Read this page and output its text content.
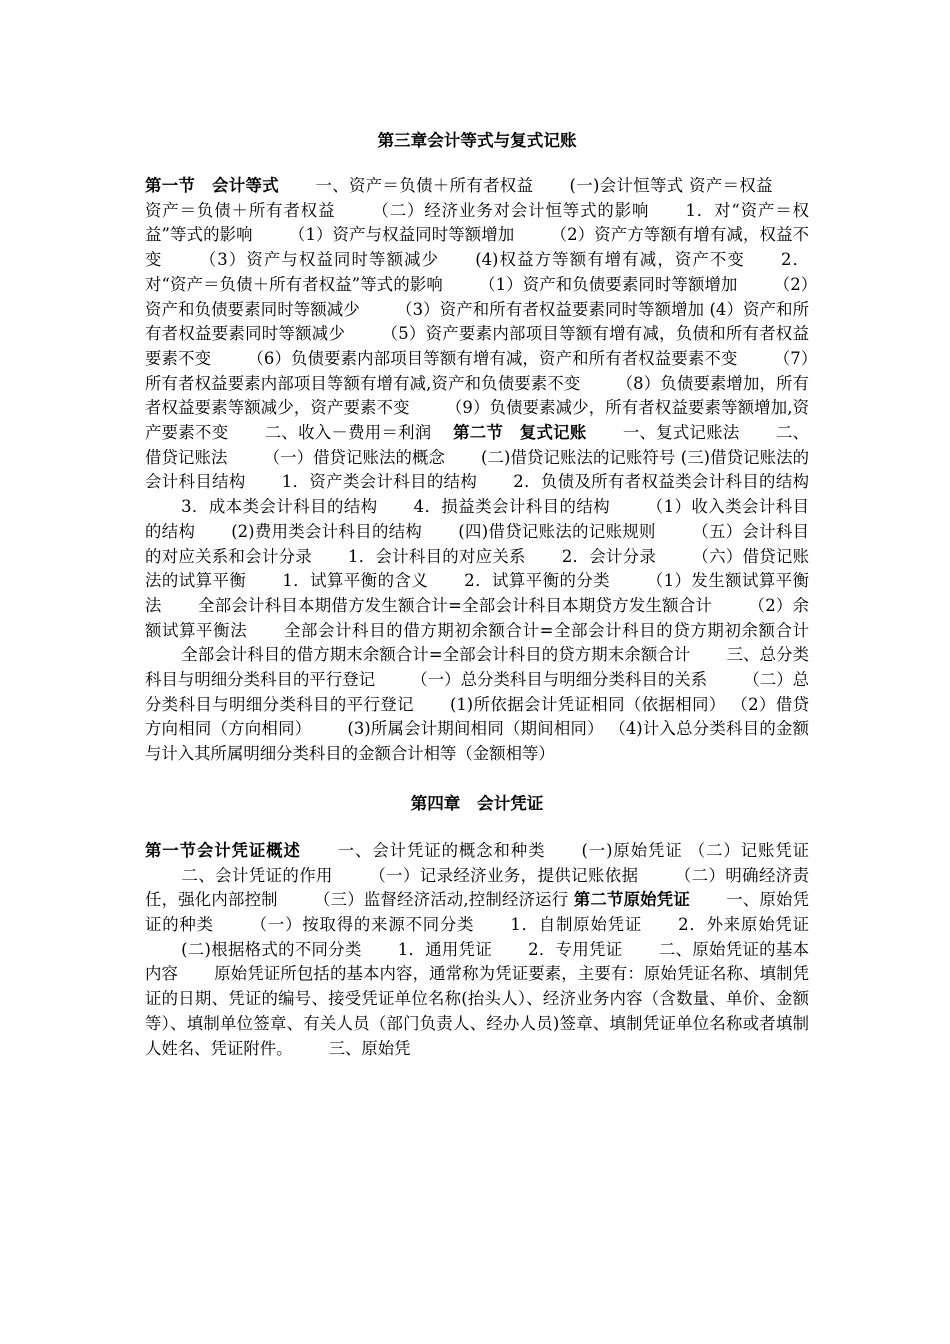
第三章会计等式与复式记账

第一节　会计等式 一、资产＝负债＋所有者权益 (一)会计恒等式 资产＝权益资产＝负债＋所有者权益 （二）经济业务对会计恒等式的影响 1．对“资产＝权益”等式的影响 （1）资产与权益同时等额增加 （2）资产方等额有增有减，权益不变 （3）资产与权益同时等额减少 (4)权益方等额有增有减，资产不变 2．对“资产＝负债＋所有者权益”等式的影响 （1）资产和负债要素同时等额增加 （2）资产和负债要素同时等额减少 （3）资产和所有者权益要素同时等额增加 (4）资产和所有者权益要素同时等额减少 （5）资产要素内部项目等额有增有减，负债和所有者权益要素不变 （6）负债要素内部项目等额有增有减，资产和所有者权益要素不变 （7）所有者权益要素内部项目等额有增有减,资产和负债要素不变 （8）负债要素增加，所有者权益要素等额减少，资产要素不变 （9）负债要素减少，所有者权益要素等额增加,资产要素不变 二、收入－费用＝利润 第二节　复式记账 一、复式记账法 二、借贷记账法 （一）借贷记账法的概念 (二)借贷记账法的记账符号 (三)借贷记账法的会计科目结构 1．资产类会计科目的结构 2．负债及所有者权益类会计科目的结构3．成本类会计科目的结构 4．损益类会计科目的结构 （1）收入类会计科目的结构 (2)费用类会计科目的结构 (四)借贷记账法的记账规则 （五）会计科目的对应关系和会计分录 1．会计科目的对应关系 2．会计分录 （六）借贷记账法的试算平衡 1．试算平衡的含义 2．试算平衡的分类 （1）发生额试算平衡法 全部会计科目本期借方发生额合计=全部会计科目本期贷方发生额合计 （2）余额试算平衡法 全部会计科目的借方期初余额合计=全部会计科目的贷方期初余额合计全部会计科目的借方期末余额合计=全部会计科目的贷方期末余额合计 三、总分类科目与明细分类科目的平行登记 （一）总分类科目与明细分类科目的关系 （二）总分类科目与明细分类科目的平行登记 (1)所依据会计凭证相同（依据相同） （2）借贷方向相同（方向相同） (3)所属会计期间相同（期间相同） （4)计入总分类科目的金额与计入其所属明细分类科目的金额合计相等（金额相等）

第四章　会计凭证

第一节会计凭证概述 一、会计凭证的概念和种类 (一)原始凭证 （二）记账凭证二、会计凭证的作用 （一）记录经济业务，提供记账依据 （二）明确经济责任，强化内部控制 （三）监督经济活动,控制经济运行 第二节原始凭证 一、原始凭证的种类 （一）按取得的来源不同分类 1．自制原始凭证 2．外来原始凭证(二)根据格式的不同分类 1．通用凭证 2．专用凭证 二、原始凭证的基本内容 原始凭证所包括的基本内容，通常称为凭证要素，主要有：原始凭证名称、填制凭证的日期、凭证的编号、接受凭证单位名称(抬头人）、经济业务内容（含数量、单价、金额等）、填制单位签章、有关人员（部门负责人、经办人员)签章、填制凭证单位名称或者填制人姓名、凭证附件。 三、原始凭
